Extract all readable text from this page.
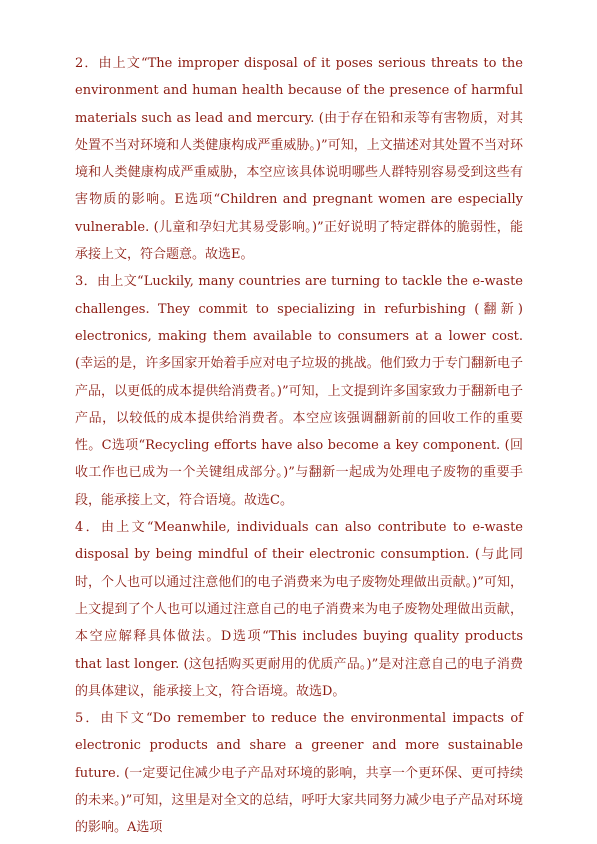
2．由上文“The improper disposal of it poses serious threats to the environment and human health because of the presence of harmful materials such as lead and mercury. (由于存在铅和汞等有害物质，对其处置不当对环境和人类健康构成严重威胁。)”可知，上文描述对其处置不当对环境和人类健康构成严重威胁，本空应该具体说明哪些人群特别容易受到这些有害物质的影响。E选项“Children and pregnant women are especially vulnerable. (儿童和孕妇尤其易受影响。)”正好说明了特定群体的脆弱性，能承接上文，符合题意。故选E。

3．由上文“Luckily, many countries are turning to tackle the e-waste challenges. They commit to specializing in refurbishing (翻新) electronics, making them available to consumers at a lower cost. (幸运的是，许多国家开始着手应对电子垃圾的挑战。他们致力于专门翻新电子产品，以更低的成本提供给消费者。)”可知，上文提到许多国家致力于翻新电子产品，以较低的成本提供给消费者。本空应该强调翻新前的回收工作的重要性。C选项“Recycling efforts have also become a key component. (回收工作也已成为一个关键组成部分。)”与翻新一起成为处理电子废物的重要手段，能承接上文，符合语境。故选C。

4．由上文“Meanwhile, individuals can also contribute to e-waste disposal by being mindful of their electronic consumption. (与此同时，个人也可以通过注意他们的电子消费来为电子废物处理做出贡献。)”可知，上文提到了个人也可以通过注意自己的电子消费来为电子废物处理做出贡献，本空应解释具体做法。D选项“This includes buying quality products that last longer. (这包括购买更耐用的优质产品。)”是对注意自己的电子消费的具体建议，能承接上文，符合语境。故选D。

5．由下文“Do remember to reduce the environmental impacts of electronic products and share a greener and more sustainable future. (一定要记住减少电子产品对环境的影响，共享一个更环保、更可持续的未来。)”可知，这里是对全文的总结，呼吁大家共同努力减少电子产品对环境的影响。A选项
